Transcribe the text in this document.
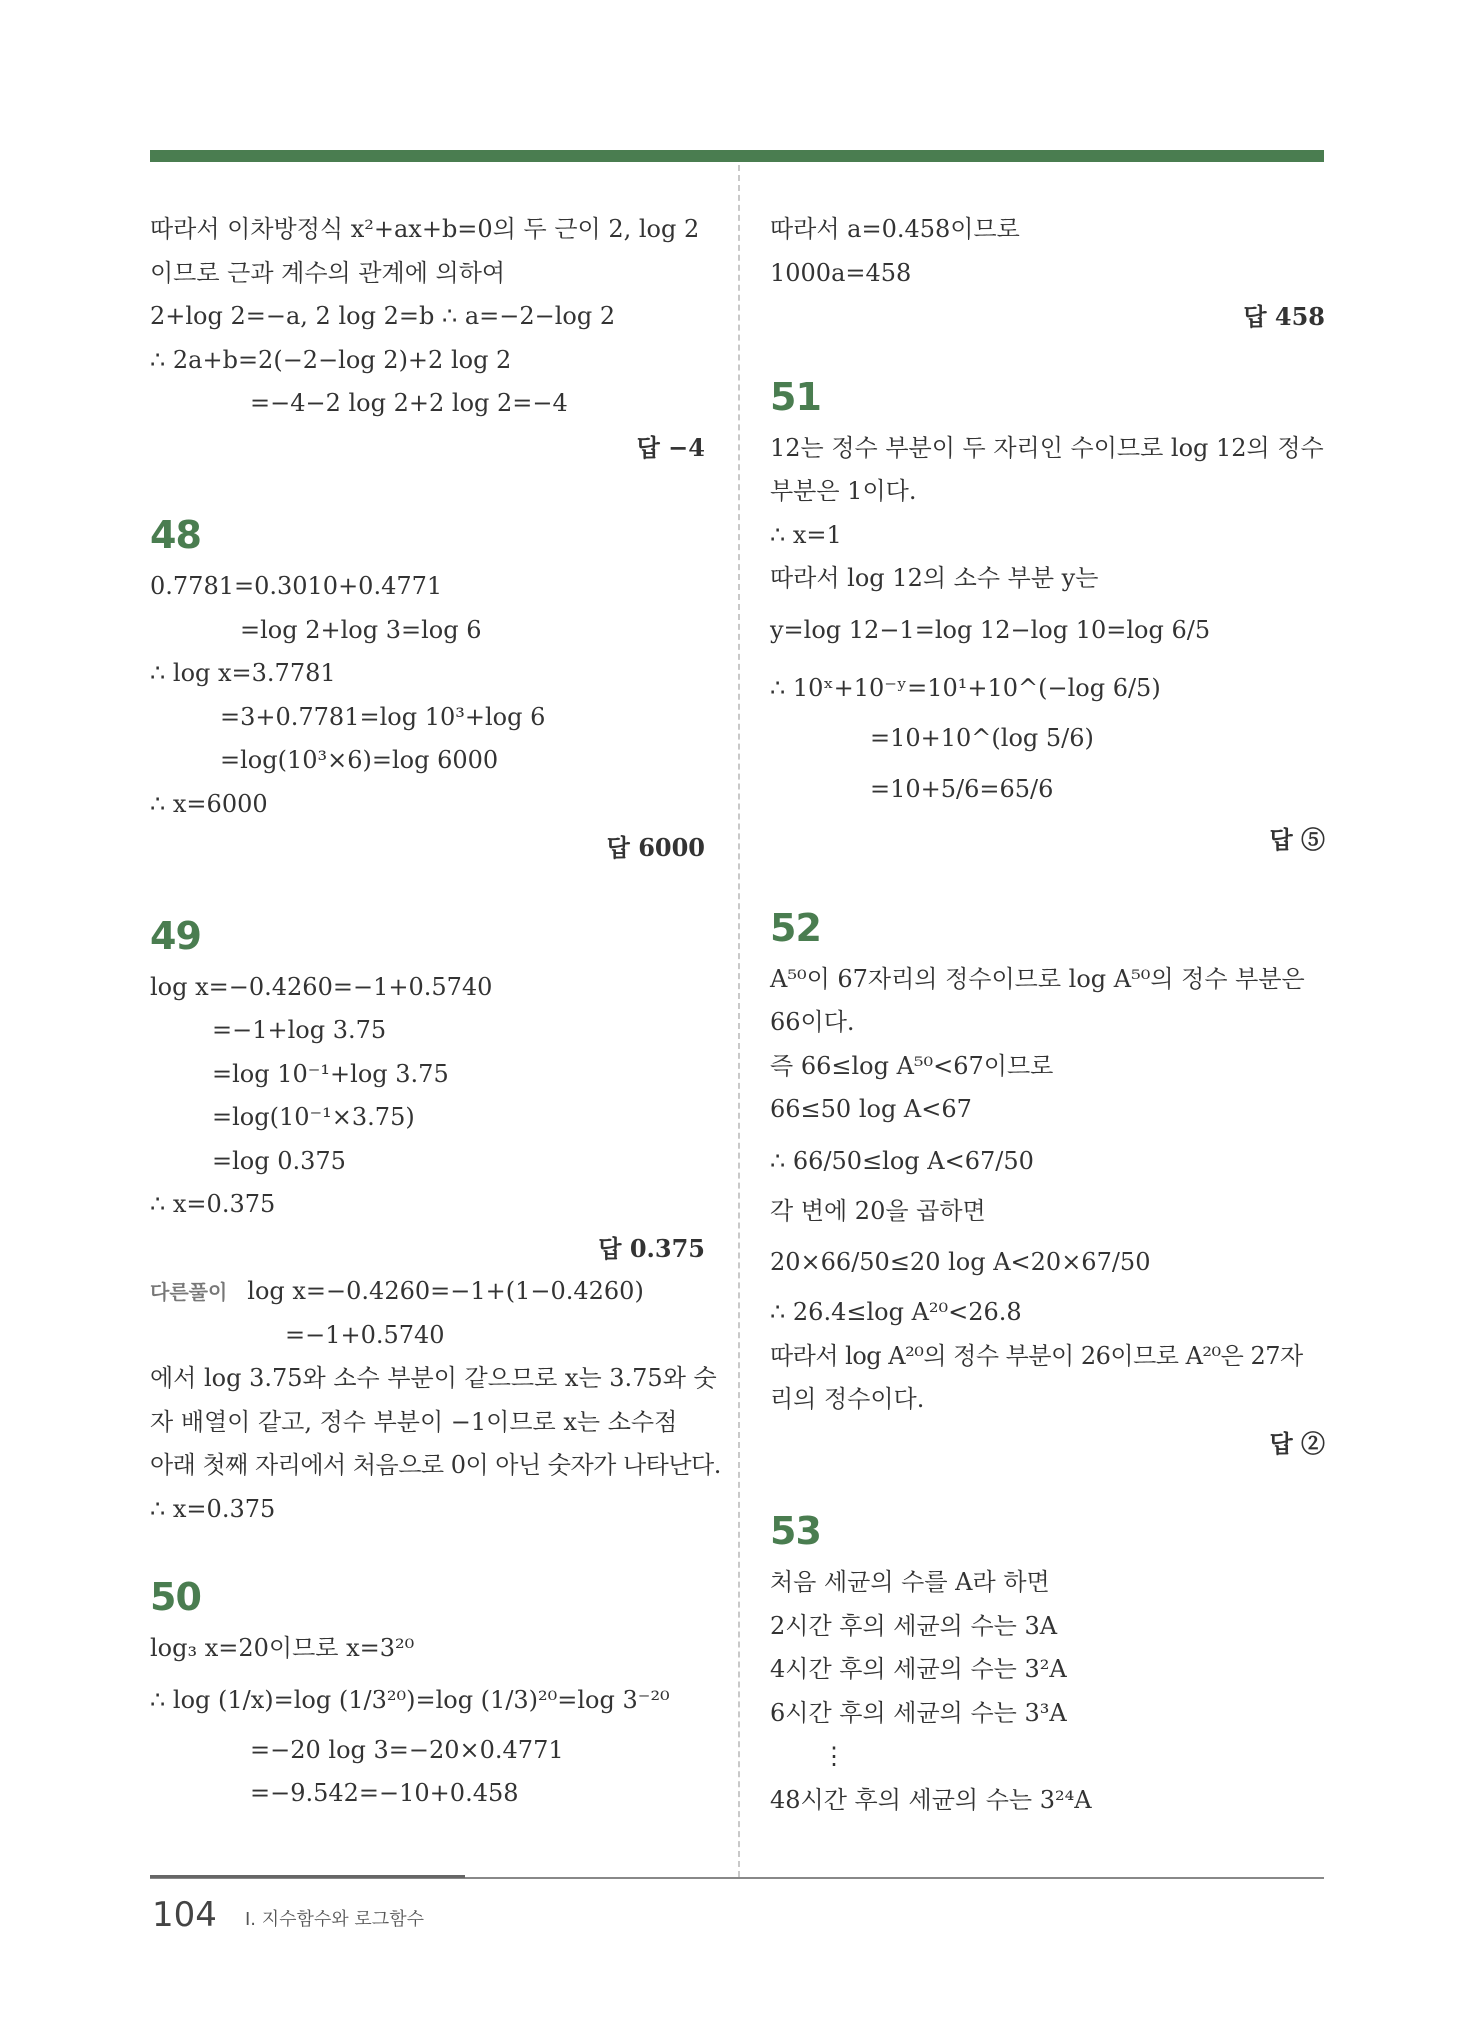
따라서 이차방정식 x²+ax+b=0의 두 근이 2, log 2
이므로 근과 계수의 관계에 의하여
2+log 2=−a, 2 log 2=b ∴ a=−2−log 2
∴ 2a+b=2(−2−log 2)+2 log 2
=−4−2 log 2+2 log 2=−4
답 −4
48
0.7781=0.3010+0.4771
=log 2+log 3=log 6
∴ log x=3.7781
=3+0.7781=log 10³+log 6
=log(10³×6)=log 6000
∴ x=6000
답 6000
49
log x=−0.4260=−1+0.5740
=−1+log 3.75
=log 10⁻¹+log 3.75
=log(10⁻¹×3.75)
=log 0.375
∴ x=0.375
답 0.375
다른풀이 log x=−0.4260=−1+(1−0.4260)
=−1+0.5740
에서 log 3.75와 소수 부분이 같으므로 x는 3.75와 숫
자 배열이 같고, 정수 부분이 −1이므로 x는 소수점
아래 첫째 자리에서 처음으로 0이 아닌 숫자가 나타난다.
∴ x=0.375
50
log₃ x=20이므로 x=3²⁰
∴ log (1/x)=log (1/3²⁰)=log (1/3)²⁰=log 3⁻²⁰
=−20 log 3=−20×0.4771
=−9.542=−10+0.458
따라서 a=0.458이므로
1000a=458
답 458
51
12는 정수 부분이 두 자리인 수이므로 log 12의 정수
부분은 1이다.
∴ x=1
따라서 log 12의 소수 부분 y는
y=log 12−1=log 12−log 10=log 6/5
∴ 10ˣ+10⁻ʸ=10¹+10^(−log 6/5)
=10+10^(log 5/6)
=10+5/6=65/6
답 ⑤
52
A⁵⁰이 67자리의 정수이므로 log A⁵⁰의 정수 부분은
66이다.
즉 66≤log A⁵⁰<67이므로
66≤50 log A<67
∴ 66/50≤log A<67/50
각 변에 20을 곱하면
20×66/50≤20 log A<20×67/50
∴ 26.4≤log A²⁰<26.8
따라서 log A²⁰의 정수 부분이 26이므로 A²⁰은 27자
리의 정수이다.
답 ②
53
처음 세균의 수를 A라 하면
2시간 후의 세균의 수는 3A
4시간 후의 세균의 수는 3²A
6시간 후의 세균의 수는 3³A
⋮
48시간 후의 세균의 수는 3²⁴A
104 Ⅰ. 지수함수와 로그함수
